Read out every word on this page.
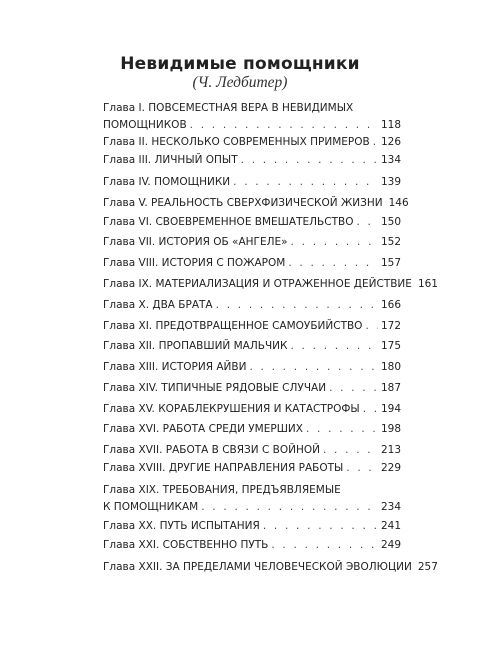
Невидимые помощники
(Ч. Ледбитер)
Глава I. ПОВСЕМЕСТНАЯ ВЕРА В НЕВИДИМЫХ
ПОМОЩНИКОВ . . .	118
Глава II. НЕСКОЛЬКО СОВРЕМЕННЫХ ПРИМЕРОВ . . . 126
Глава III. ЛИЧНЫЙ ОПЫТ . . .	134
Глава IV. ПОМОЩНИКИ . . .	139
Глава V. РЕАЛЬНОСТЬ СВЕРХФИЗИЧЕСКОЙ ЖИЗНИ 146
Глава VI. СВОЕВРЕМЕННОЕ ВМЕШАТЕЛЬСТВО . . .	150
Глава VII. ИСТОРИЯ ОБ «АНГЕЛЕ» . . .	152
Глава VIII. ИСТОРИЯ С ПОЖАРОМ . . .	157
Глава IX. МАТЕРИАЛИЗАЦИЯ И ОТРАЖЕННОЕ ДЕЙСТВИЕ 161
Глава X. ДВА БРАТА . . .	166
Глава XI. ПРЕДОТВРАЩЕННОЕ САМОУБИЙСТВО . . . 172
Глава XII. ПРОПАВШИЙ МАЛЬЧИК . . .	175
Глава XIII. ИСТОРИЯ АЙВИ . . .	180
Глава XIV. ТИПИЧНЫЕ РЯДОВЫЕ СЛУЧАИ . . .	187
Глава XV. КОРАБЛЕКРУШЕНИЯ И КАТАСТРОФЫ . . . 194
Глава XVI. РАБОТА СРЕДИ УМЕРШИХ . . .	198
Глава XVII. РАБОТА В СВЯЗИ С ВОЙНОЙ . . .	213
Глава XVIII. ДРУГИЕ НАПРАВЛЕНИЯ РАБОТЫ . . .	229
Глава XIX. ТРЕБОВАНИЯ, ПРЕДЪЯВЛЯЕМЫЕ
К ПОМОЩНИКАМ . . .	234
Глава XX. ПУТЬ ИСПЫТАНИЯ . . .	241
Глава XXI. СОБСТВЕННО ПУТЬ . . .	249
Глава XXII. ЗА ПРЕДЕЛАМИ ЧЕЛОВЕЧЕСКОЙ ЭВОЛЮЦИИ 257
